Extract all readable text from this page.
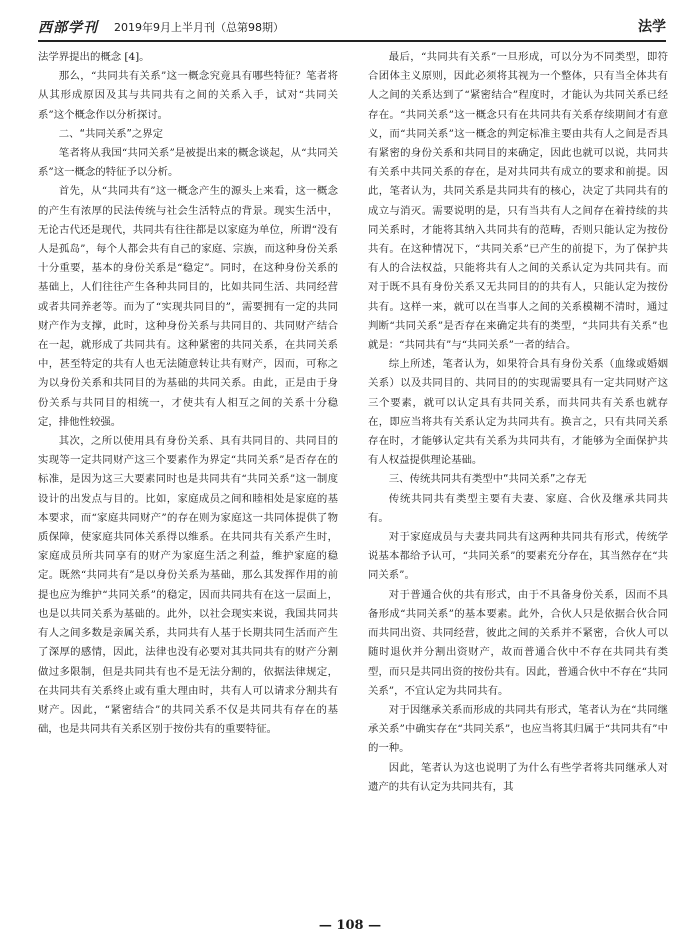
西部学刊 2019年9月上半月刊（总第98期）	法学

法学界提出的概念 [4]。

那么，“共同共有关系”这一概念究竟具有哪些特征？笔者将从其形成原因及其与共同共有之间的关系入手，试对“共同关系”这个概念作以分析探讨。

二、“共同关系”之界定

笔者将从我国“共同关系”是被提出来的概念谈起，从“共同关系”这一概念的特征予以分析。

首先，从“共同共有”这一概念产生的源头上来看，这一概念的产生有浓厚的民法传统与社会生活特点的背景。现实生活中，无论古代还是现代，共同共有往往都是以家庭为单位，所谓“没有人是孤岛”，每个人都会共有自己的家庭、宗族，而这种身份关系十分重要，基本的身份关系是“稳定”。同时，在这种身份关系的基础上，人们往往产生各种共同目的，比如共同生活、共同经营或者共同养老等。而为了“实现共同目的”，需要拥有一定的共同财产作为支撑，此时，这种身份关系与共同目的、共同财产结合在一起，就形成了共同共有。这种紧密的共同关系，在共同关系中，甚至特定的共有人也无法随意转让共有财产，因而，可称之为以身份关系和共同目的为基础的共同关系。由此，正是由于身份关系与共同目的相统一，才使共有人相互之间的关系十分稳定，排他性较强。

其次，之所以使用具有身份关系、具有共同目的、共同目的实现等一定共同财产这三个要素作为界定“共同关系”是否存在的标准，是因为这三大要素同时也是共同共有“共同关系”这一制度设计的出发点与目的。比如，家庭成员之间和睦相处是家庭的基本要求，而“家庭共同财产”的存在则为家庭这一共同体提供了物质保障，使家庭共同体关系得以维系。在共同共有关系产生时，家庭成员所共同享有的财产为家庭生活之利益，维护家庭的稳定。既然“共同共有”是以身份关系为基础，那么其发挥作用的前提也应为维护“共同关系”的稳定，因而共同共有在这一层面上，也是以共同关系为基础的。此外，以社会现实来说，我国共同共有人之间多数是亲属关系，共同共有人基于长期共同生活而产生了深厚的感情，因此，法律也没有必要对其共同共有的财产分割做过多限制，但是共同共有也不是无法分割的，依据法律规定，在共同共有关系终止或有重大理由时，共有人可以请求分割共有财产。因此，“紧密结合”的共同关系不仅是共同共有存在的基础，也是共同共有关系区别于按份共有的重要特征。

最后，“共同共有关系”一旦形成，可以分为不同类型，即符合团体主义原则，因此必须将其视为一个整体，只有当全体共有人之间的关系达到了“紧密结合”程度时，才能认为共同关系已经存在。“共同关系”这一概念只有在共同共有关系存续期间才有意义，而“共同关系”这一概念的判定标准主要由共有人之间是否具有紧密的身份关系和共同目的来确定，因此也就可以说，共同共有关系中共同关系的存在，是对共同共有成立的要求和前提。因此，笔者认为，共同关系是共同共有的核心，决定了共同共有的成立与消灭。需要说明的是，只有当共有人之间存在着持续的共同关系时，才能将其纳入共同共有的范畴，否则只能认定为按份共有。在这种情况下，“共同关系”已产生的前提下，为了保护共有人的合法权益，只能将共有人之间的关系认定为共同共有。而对于既不具有身份关系又无共同目的的共有人，只能认定为按份共有。这样一来，就可以在当事人之间的关系模糊不清时，通过判断“共同关系”是否存在来确定共有的类型，“共同共有关系”也就是：“共同共有”与“共同关系”一者的结合。

综上所述，笔者认为，如果符合具有身份关系（血缘或婚姻关系）以及共同目的、共同目的的实现需要具有一定共同财产这三个要素，就可以认定具有共同关系，而共同共有关系也就存在，即应当将共有关系认定为共同共有。换言之，只有共同关系存在时，才能够认定共有关系为共同共有，才能够为全面保护共有人权益提供理论基础。

三、传统共同共有类型中“共同关系”之存无

传统共同共有类型主要有夫妻、家庭、合伙及继承共同共有。

对于家庭成员与夫妻共同共有这两种共同共有形式，传统学说基本都给予认可，“共同关系”的要素充分存在，其当然存在“共同关系”。

对于普通合伙的共有形式，由于不具备身份关系，因而不具备形成“共同关系”的基本要素。此外，合伙人只是依据合伙合同而共同出资、共同经营，彼此之间的关系并不紧密，合伙人可以随时退伙并分割出资财产，故而普通合伙中不存在共同共有类型，而只是共同出资的按份共有。因此，普通合伙中不存在“共同关系”，不宜认定为共同共有。

对于因继承关系而形成的共同共有形式，笔者认为在“共同继承关系”中确实存在“共同关系”，也应当将其归属于“共同共有”中的一种。

因此，笔者认为这也说明了为什么有些学者将共同继承人对遗产的共有认定为共同共有，其

— 108 —
